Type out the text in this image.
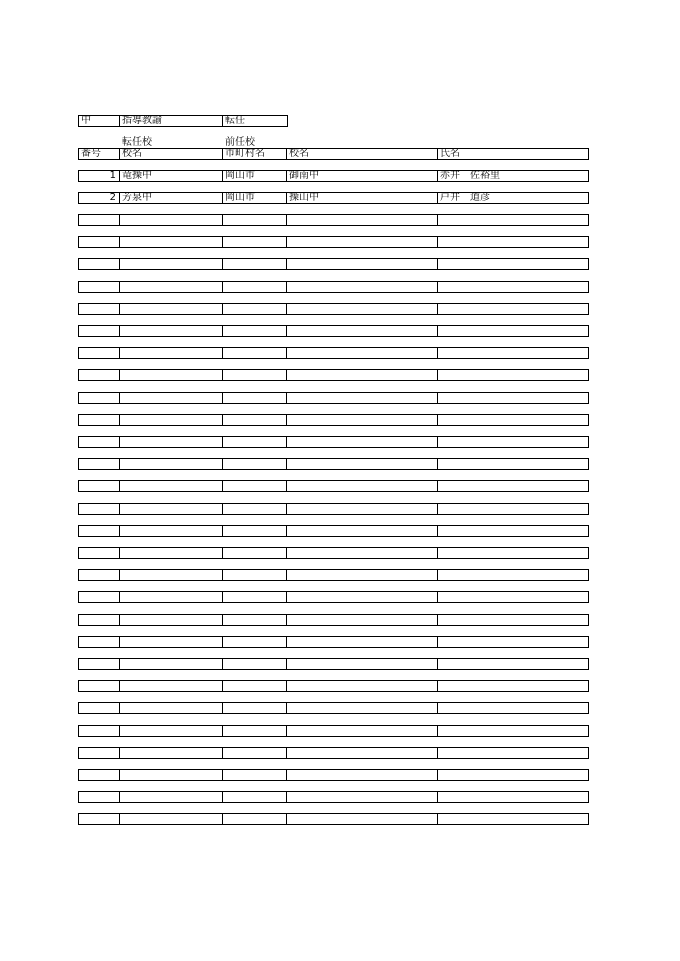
中	指導教諭	転任
転任校	前任校
番号	校名	市町村名	校名	氏名
1 竜操中	岡山市	御南中	赤井　佐裕里
2 芳泉中	岡山市	操山中	戸井　道彦
